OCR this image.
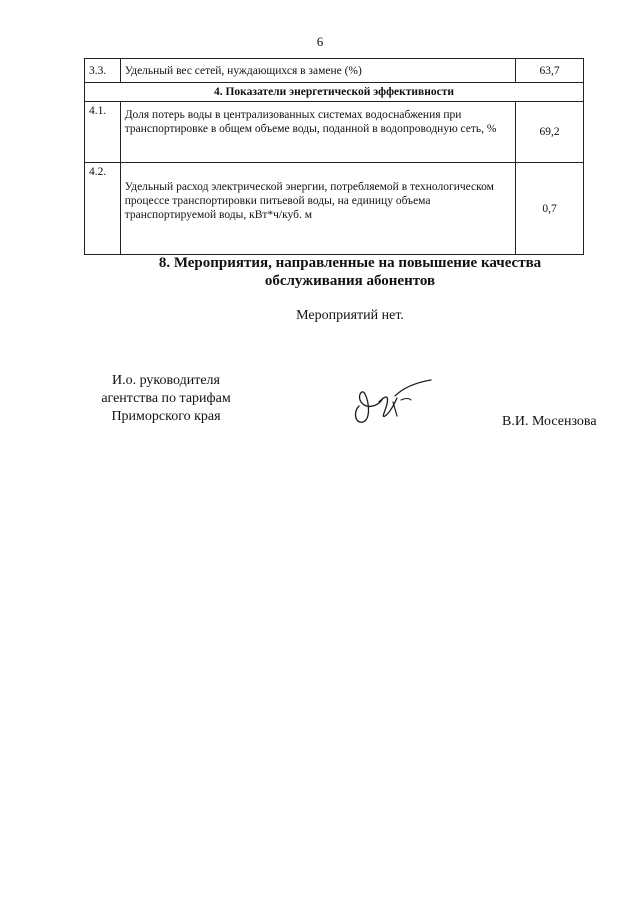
6
3.3.	Удельный вес сетей, нуждающихся в замене (%)	63,7
4. Показатели энергетической эффективности		
4.1.	Доля потерь воды в централизованных системах водоснабжения при транспортировке в общем объеме воды, поданной в водопроводную сеть, %	69,2
4.2.	Удельный расход электрической энергии, потребляемой в технологическом процессе транспортировки питьевой воды, на единицу объема транспортируемой воды, кВт*ч/куб. м	0,7
8. Мероприятия, направленные на повышение качества
обслуживания абонентов
Мероприятий нет.
И.о. руководителя
агентства по тарифам
Приморского края	В.И. Мосензова
